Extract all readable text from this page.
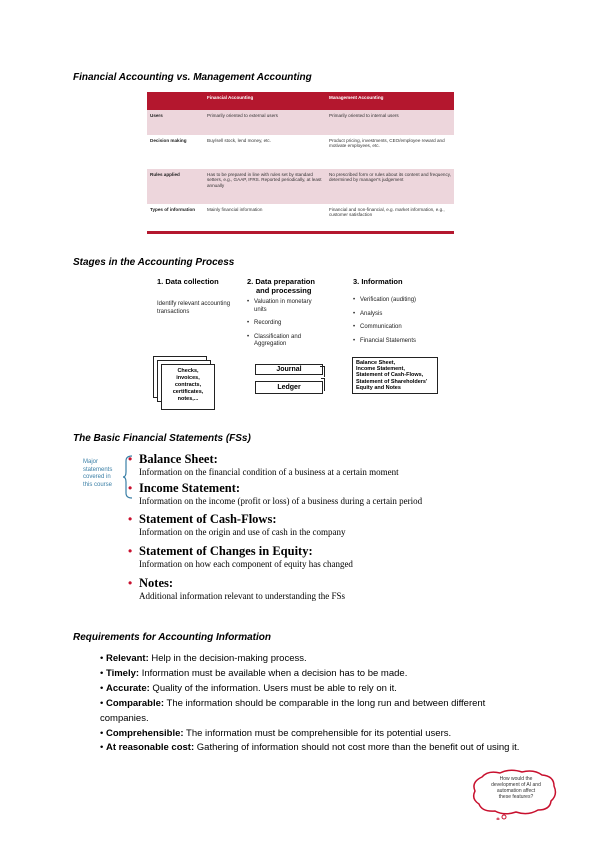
Financial Accounting vs. Management Accounting
	Financial Accounting	Management Accounting
Users	Primarily oriented to external users	Primarily oriented to internal users
Decision making	Buy/sell stock, lend money, etc.	Product pricing, investments, CEO/employee reward and motivate employees, etc.
Rules applied	Has to be prepared in line with rules set by standard setters, e.g., GAAP, IFRS. Reported periodically, at least annually	No prescribed form or rules about its content and frequency, determined by manager's judgement
Types of information	Mainly financial information	Financial and non-financial, e.g. market information, e.g., customer satisfaction

Stages in the Accounting Process
1. Data collection
Identify relevant accounting transactions
Checks,
invoices,
contracts,
certificates,
notes,...
2. Data preparation
and processing
• Valuation in monetary units
• Recording
• Classification and Aggregation
Journal
Ledger
3. Information
• Verification (auditing)
• Analysis
• Communication
• Financial Statements
Balance Sheet,
Income Statement,
Statement of Cash-Flows,
Statement of Shareholders'
Equity and Notes
The Basic Financial Statements (FSs)
Major
statements
covered in
this course
• Balance Sheet:
Information on the financial condition of a business at a certain moment
• Income Statement:
Information on the income (profit or loss) of a business during a certain period
• Statement of Cash-Flows:
Information on the origin and use of cash in the company
• Statement of Changes in Equity:
Information on how each component of equity has changed
• Notes:
Additional information relevant to understanding the FSs
Requirements for Accounting Information
• Relevant: Help in the decision-making process.
• Timely: Information must be available when a decision has to be made.
• Accurate: Quality of the information. Users must be able to rely on it.
• Comparable: The information should be comparable in the long run and between different companies.
• Comprehensible: The information must be comprehensible for its potential users.
• At reasonable cost: Gathering of information should not cost more than the benefit out of using it.
How would the
development of AI and
automation affect
these features?
